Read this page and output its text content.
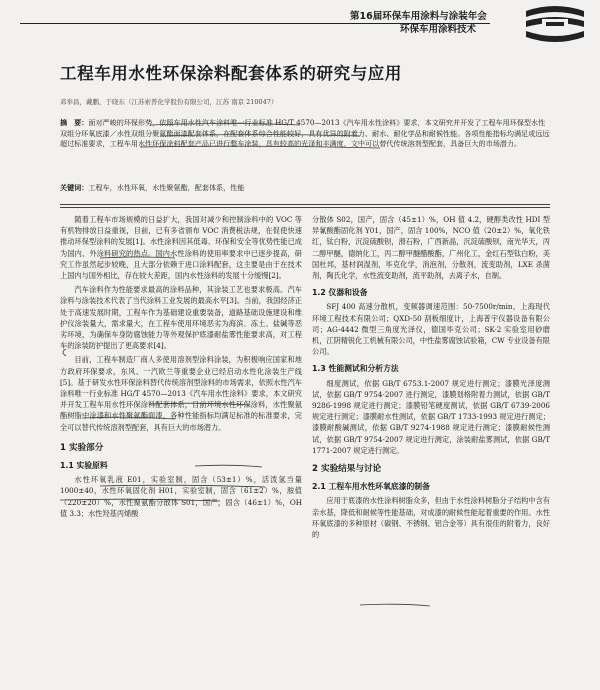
第16届环保车用涂料与涂装年会
环保车用涂料技术
工程车用水性环保涂料配套体系的研究与应用
邓举昌，戴鹏，于晓东（江苏索普化学股份有限公司，江苏 南京 210047）
摘　要：面对严峻的环保形势，依照车用水性汽车涂料唯一行业标准 HG/T 4570—2013《汽车用水性涂料》要求，本文研究并开发了工程车用环保型水性双组分环氧底漆／水性双组分聚氨酯面漆配套体系，在配套体系综合性能较好，具有优异的附着力、耐水、耐化学品和耐候性能。各项性能指标均满足或远远超过标准要求，工程车用水性环保涂料配套产品已进行整车涂装，具有较高的光泽和丰满度，文中可以替代传统溶剂型配套，具备巨大的市场潜力。
关键词：工程车，水性环氧，水性聚氨酯，配套体系，性能

随着工程车市场规模的日益扩大，我国对减少和控制涂料中的 VOC 等有机物排放日益重视，目前，已有多省颁布 VOC 消费税法规，在促使快速推动环保型涂料的发展[1]。水性涂料因其低毒、环保和安全等优势性能已成为国内、外涂料研究的热点。国内水性涂料的使用率要求中已逐步提高，研究工作虽然起步较晚，且大部分依赖于进口涂料配套，这主要是由于在技术上国内与国外相比，存在较大差距，国内水性涂料的发展十分缓慢[2]。

汽车涂料作为性能要求最高的涂料品种，其涂装工艺也要求极高。汽车涂料与涂装技术代表了当代涂料工业发展的最高水平[3]。当前，我国经济正处于高速发展时期，工程车作为基础建设重要装备，道路基础设施建设和维护仪涂装量大，需求量大，在工程车使用环境恶劣为海滨、冻土、盐碱等恶劣环境，为确保车身防腐蚀能力等外观保护底漆耐盐雾性能要求高，对工程车的涂装防护提出了更高要求[4]。

目前，工程车制造厂商人多使用溶剂型涂料涂装，为积极响应国家和地方政府环保要求，东风、一汽欧兰等重要企业已经启动水性化涂装生产线[5]。基于研发水性环保涂料替代传统溶剂型涂料的市场需求，依照水性汽车涂料唯一行业标准 HG/T 4570—2013《汽车用水性涂料》要求，本文研究并开发工程车用水性环保涂料配套体系，目前环境水性环保涂料，水性聚氨酯树脂中涂漆和水性聚氨酯面漆，各种性能指标均满足标准的标准要求，完全可以替代传统溶剂型配套，具有巨大的市场潜力。

1 实验部分

1.1 实验原料

水性环氧乳液 E01，实验室制，固含（53±1）%，活泼氢当量 1000±40，水性环氧固化剂 H01，实验室制，固含（61±2）%，胺值（220±20）%，水性聚氨酯分散体 S01，国产，固含（46±1）%，OH 值 3.3；水性羟基丙烯酸

分散体 S02，国产，固含（45±1）%，OH 值 4.2，硬醇类改性 HDI 型异氰酸酯固化剂 Y01，国产，固含 100%，NCO 值（20±2）%，氧化铁红，钛白粉，沉淀硫酸钡，滑石粉，广西新晶，沉淀硫酸钡，南光华天，丙二醇甲醚，德纳化工，丙二醇甲醚醋酸酯，广州化工，金红石型钛白粉，美国杜邦，基材润湿剂，毕克化学，消泡剂，分散剂，流变助剂，LXE 杀菌剂，陶氏化学，水性流变助剂，流平助剂，去离子水，自制。

1.2 仪器和设备

SFJ 400 高速分散机，变频器调速范围：50-7500r/min，上海现代环境工程技术有限公司；QXD-50 刮板细度计，上海普宇仪器设备有限公司；AG-4442 微型三角度光泽仪，德国毕克公司；SK-2 实验室用砂磨机，江阴精锐化工机械有限公司，中性盐雾腐蚀试验箱，CW 专业设备有限公司。

1.3 性能测试和分析方法

细度测试，依据 GB/T 6753.1-2007 规定进行测定；漆膜光泽度测试，依据 GB/T 9754-2007 进行测定，漆膜划格附着力测试，依据 GB/T 9286-1998 规定进行测定；漆膜铅笔硬度测试，依据 GB/T 6739-2006 规定进行测定；漆膜耐水性测试，依据 GB/T 1733-1993 规定进行测定；漆膜耐酸碱测试，依据 GB/T 9274-1988 规定进行测定；漆膜耐候性测试，依据 GB/T 9754-2007 规定进行测定，涂装耐盐雾测试，依据 GB/T 1771-2007 规定进行测定。

2 实验结果与讨论

2.1 工程车用水性环氧底漆的制备

应用于底漆的水性涂料树脂众多，但由于水性涂料树脂分子结构中含有亲水基，降低和耐候等性能基础，对成漆的耐候性能起着重要的作用。水性环氧底漆的多种原材（碳钢、不锈钢、铝合金等）具有很佳的附着力，良好的
